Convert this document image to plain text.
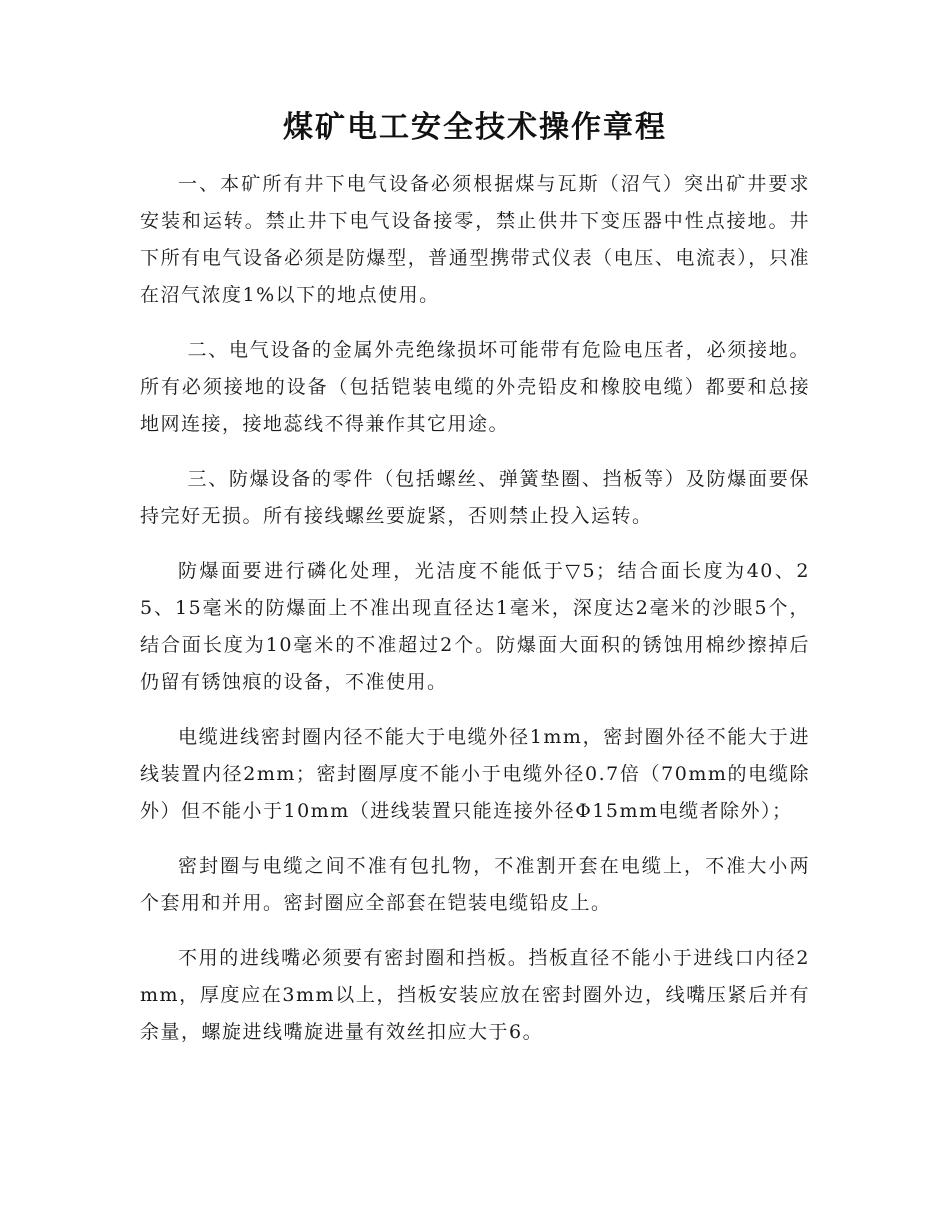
煤矿电工安全技术操作章程

一、本矿所有井下电气设备必须根据煤与瓦斯（沼气）突出矿井要求安装和运转。禁止井下电气设备接零，禁止供井下变压器中性点接地。井下所有电气设备必须是防爆型，普通型携带式仪表（电压、电流表），只准在沼气浓度1%以下的地点使用。

二、电气设备的金属外壳绝缘损坏可能带有危险电压者，必须接地。所有必须接地的设备（包括铠装电缆的外壳铅皮和橡胶电缆）都要和总接地网连接，接地蕊线不得兼作其它用途。

三、防爆设备的零件（包括螺丝、弹簧垫圈、挡板等）及防爆面要保持完好无损。所有接线螺丝要旋紧，否则禁止投入运转。

防爆面要进行磷化处理，光洁度不能低于▽5；结合面长度为40、25、15毫米的防爆面上不准出现直径达1毫米，深度达2毫米的沙眼5个，结合面长度为10毫米的不准超过2个。防爆面大面积的锈蚀用棉纱擦掉后仍留有锈蚀痕的设备，不准使用。

电缆进线密封圈内径不能大于电缆外径1mm，密封圈外径不能大于进线装置内径2mm；密封圈厚度不能小于电缆外径0.7倍（70mm的电缆除外）但不能小于10mm（进线装置只能连接外径Φ15mm电缆者除外）；

密封圈与电缆之间不准有包扎物，不准割开套在电缆上，不准大小两个套用和并用。密封圈应全部套在铠装电缆铅皮上。

不用的进线嘴必须要有密封圈和挡板。挡板直径不能小于进线口内径2mm，厚度应在3mm以上，挡板安装应放在密封圈外边，线嘴压紧后并有余量，螺旋进线嘴旋进量有效丝扣应大于6。
